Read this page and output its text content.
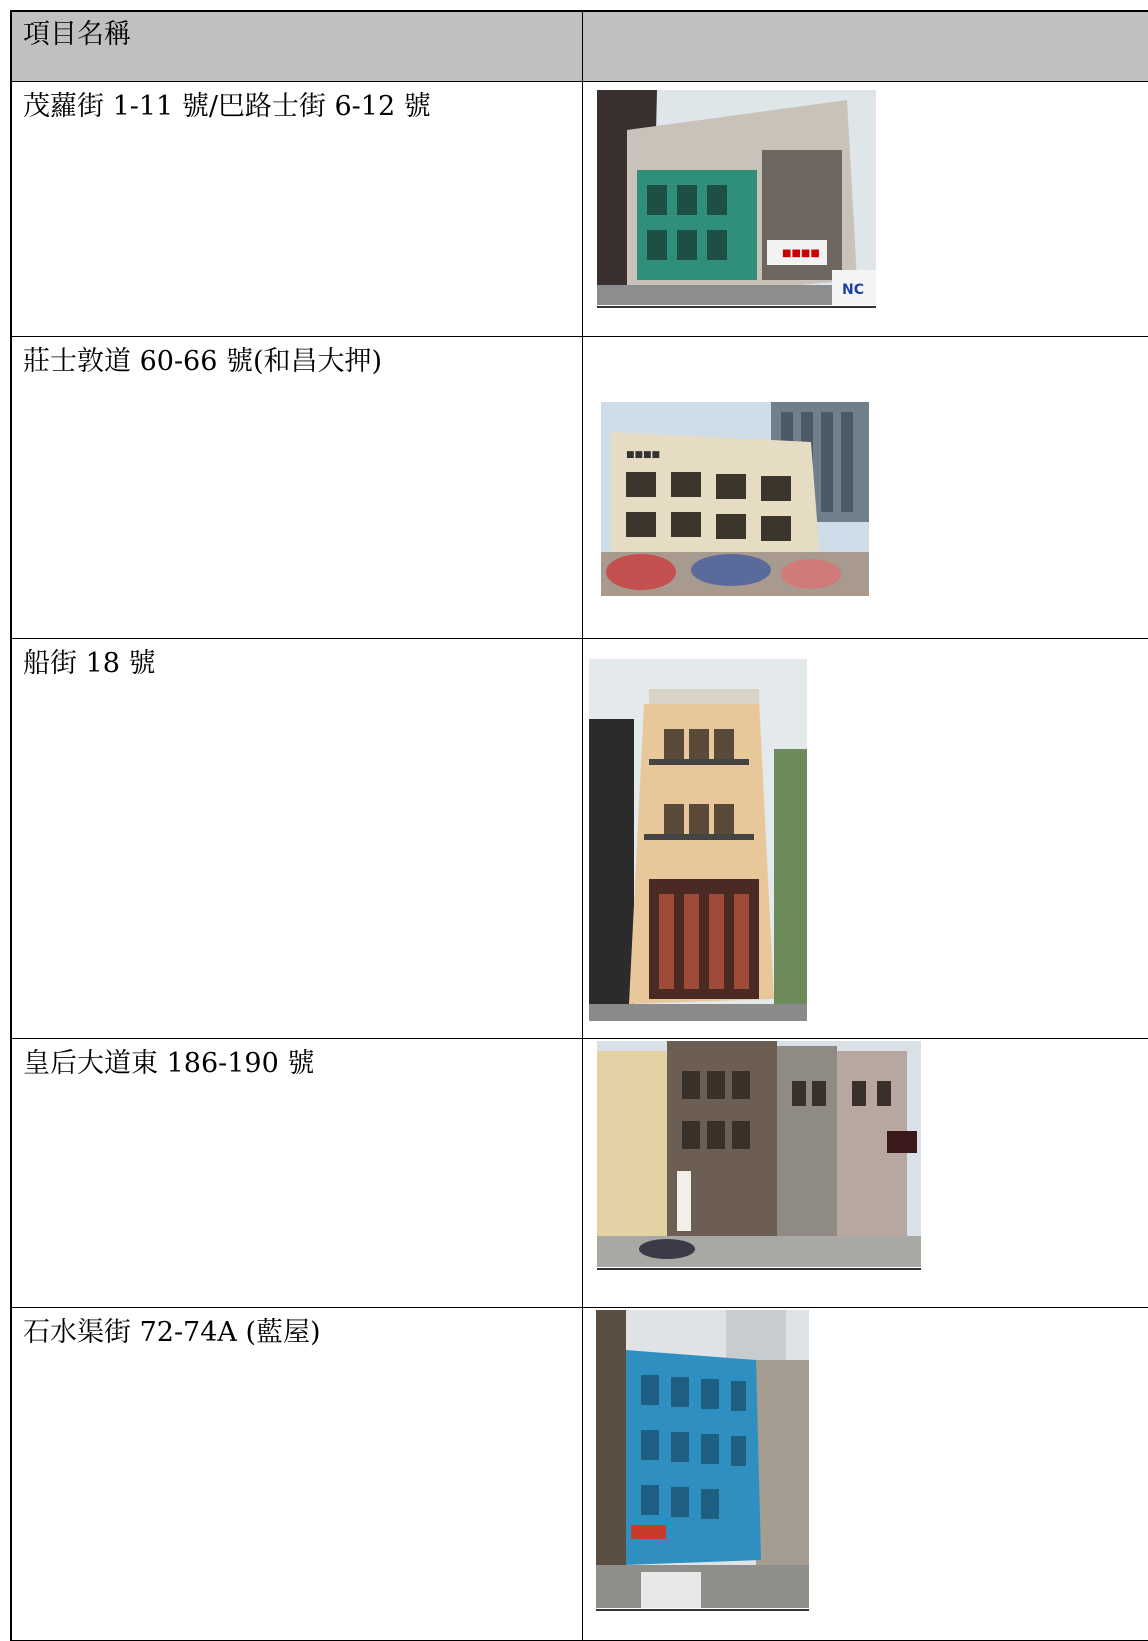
項目名稱
茂蘿街 1-11 號/巴路士街 6-12 號
■■■■
NC
莊士敦道 60-66 號(和昌大押)
■■■■
船街 18 號
皇后大道東 186-190 號
石水渠街 72-74A (藍屋)
